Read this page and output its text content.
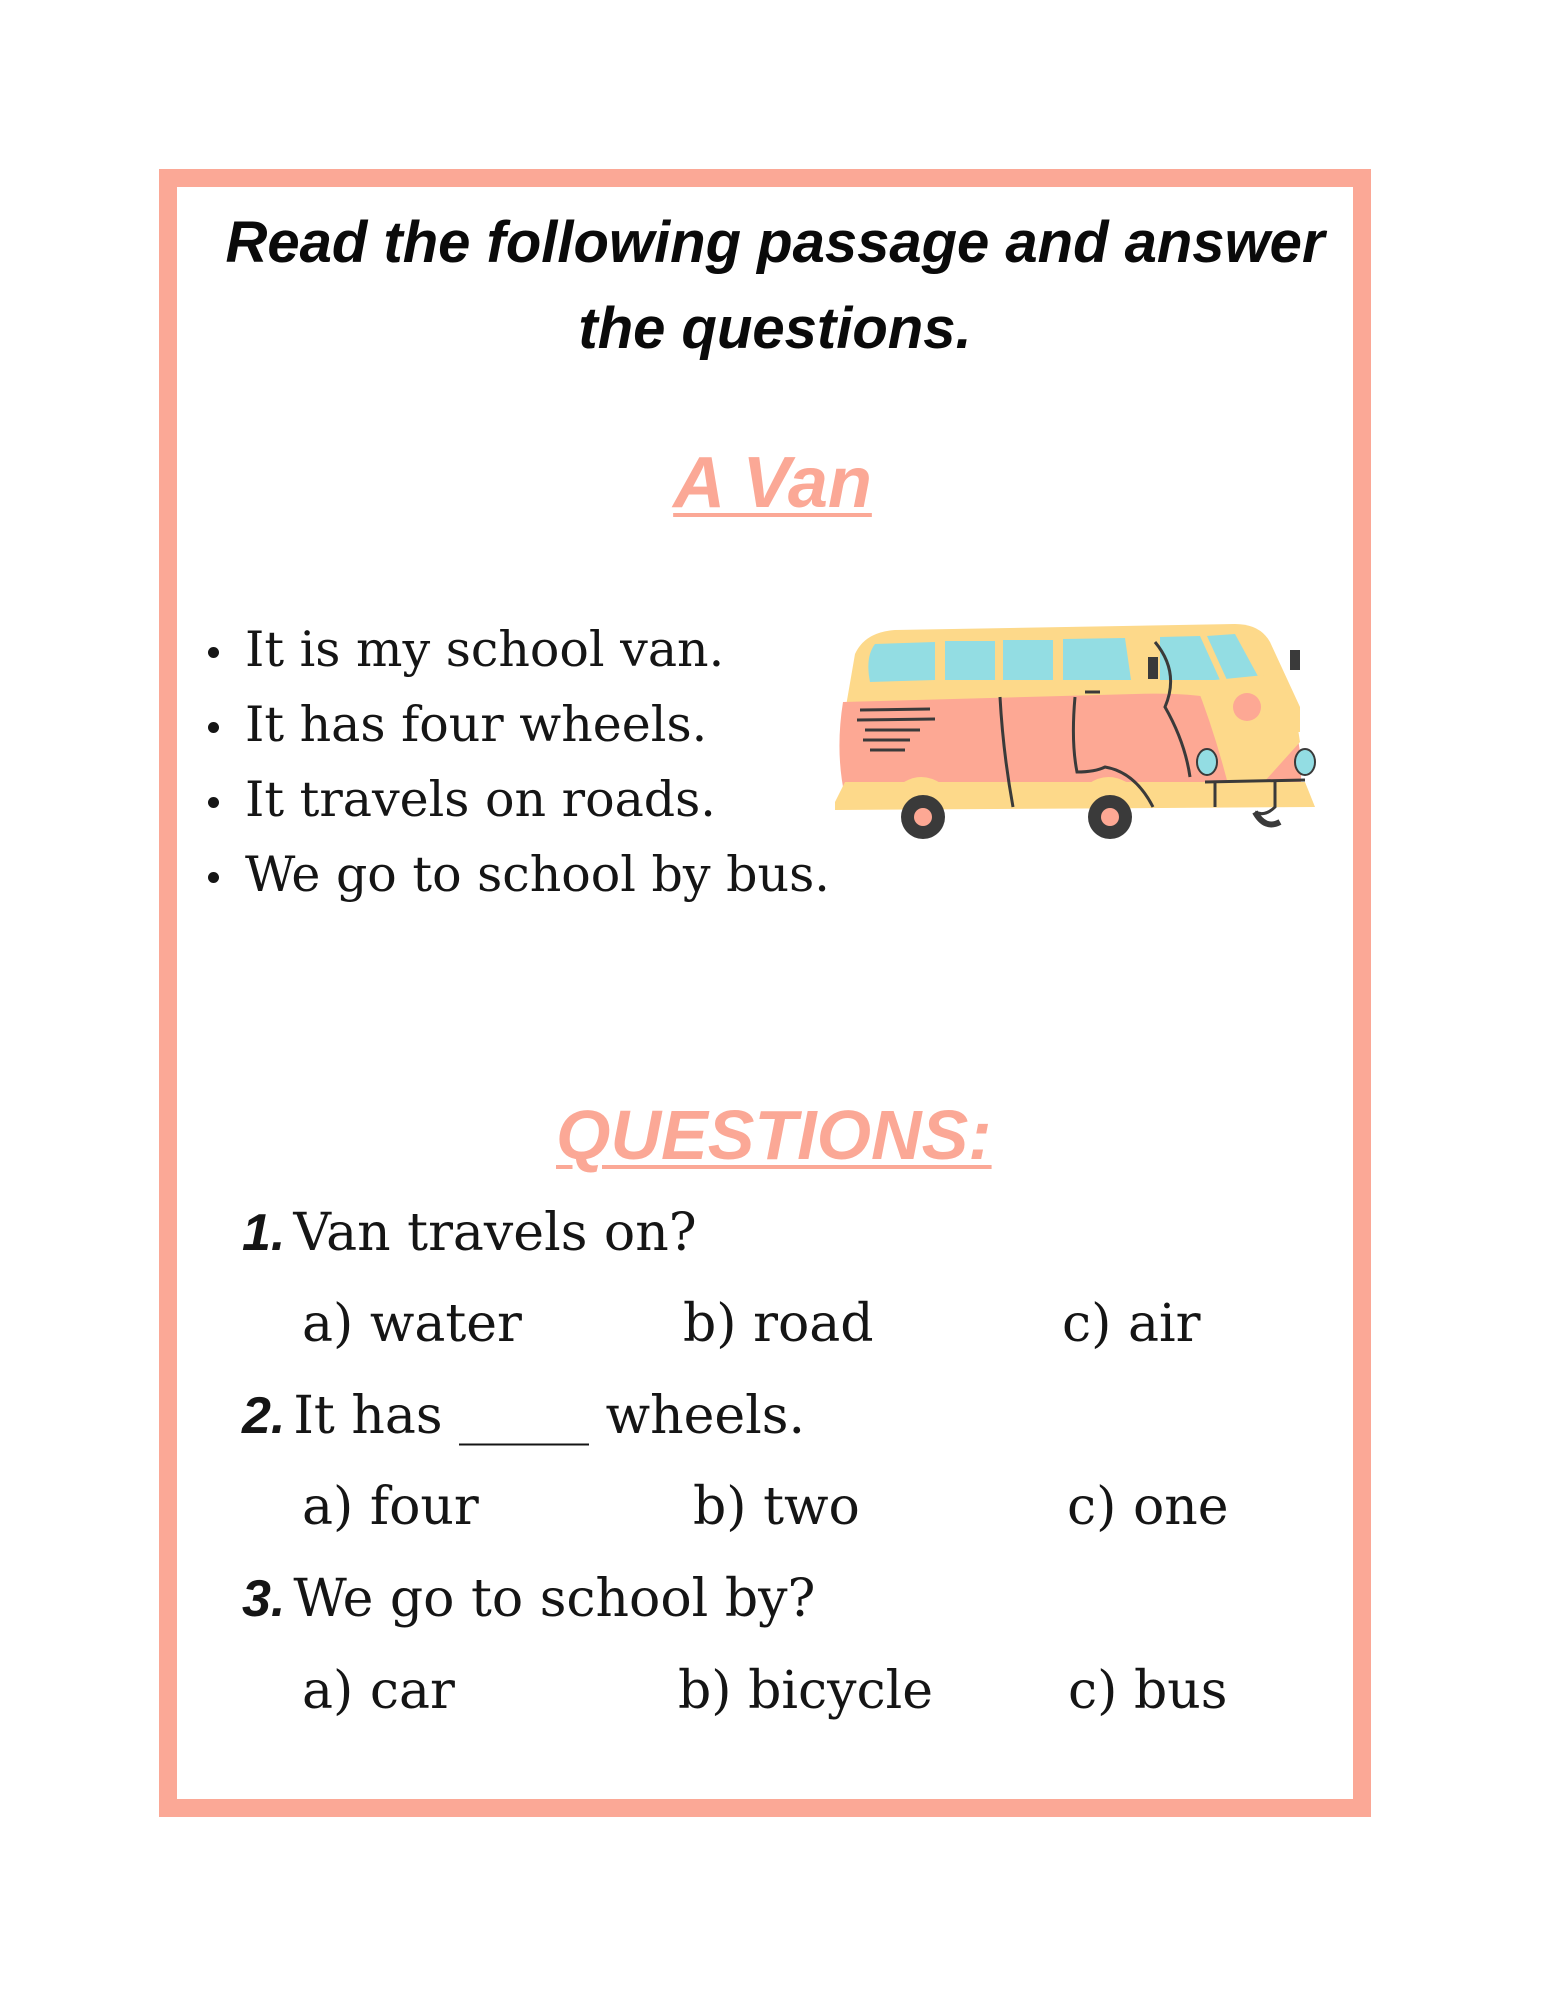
Read the following passage and answer the questions.
A Van
It is my school van.
It has four wheels.
It travels on roads.
We go to school by bus.
QUESTIONS:
1. Van travels on?
a) water	b) road	c) air
2. It has _____ wheels.
a) four	b) two	c) one
3. We go to school by?
a) car	b) bicycle	c) bus
